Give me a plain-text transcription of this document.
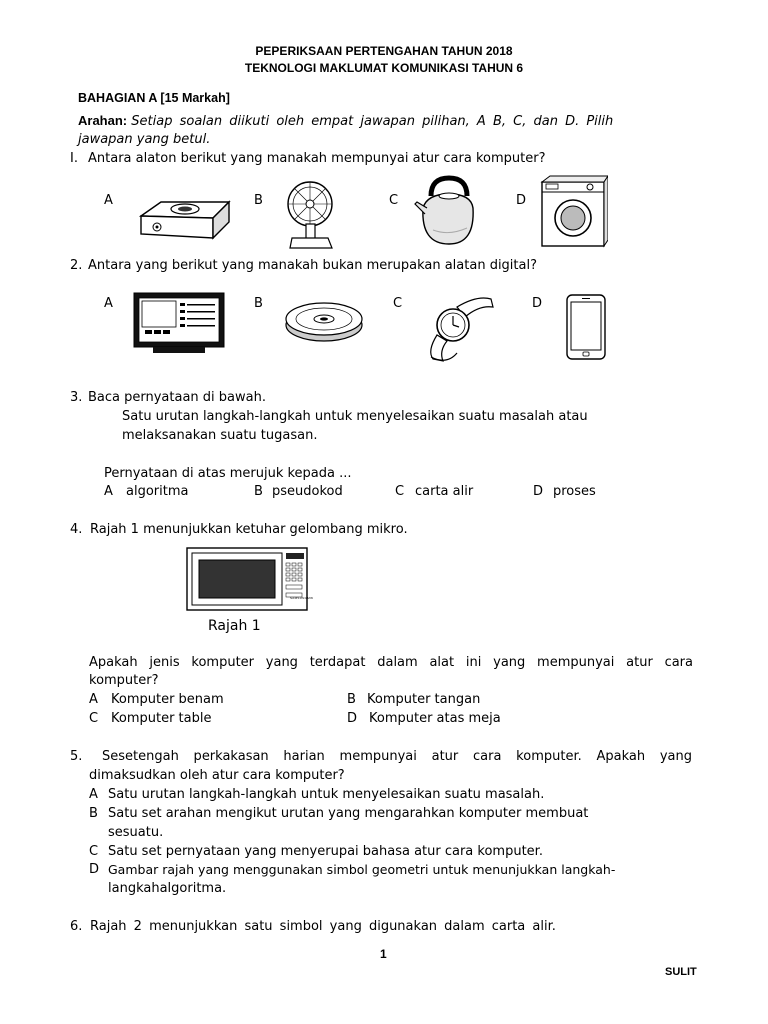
PEPERIKSAAN PERTENGAHAN TAHUN 2018
TEKNOLOGI MAKLUMAT KOMUNIKASI TAHUN 6
BAHAGIAN A [15 Markah]
Arahan: Setiap soalan diikuti oleh empat jawapan pilihan, A B, C, dan D. Pilih
jawapan yang betul.
I. Antara alaton berikut yang manakah mempunyai atur cara komputer?
A	B	C	D
2. Antara yang berikut yang manakah bukan merupakan alatan digital?
A	B	C	D
3. Baca pernyataan di bawah.
Satu urutan langkah-langkah untuk menyelesaikan suatu masalah atau
melaksanakan suatu tugasan.
Pernyataan di atas merujuk kepada ...
A algoritma	B pseudokod	C carta alir	D proses
4. Rajah 1 menunjukkan ketuhar gelombang mikro.
SAMSUNGMW
Rajah 1
Apakah jenis komputer yang terdapat dalam alat ini yang mempunyai atur cara
komputer?
A Komputer benam	B Komputer tangan
C Komputer table	D Komputer atas meja
5. Sesetengah perkakasan harian mempunyai atur cara komputer. Apakah yang
dimaksudkan oleh atur cara komputer?
A Satu urutan langkah-langkah untuk menyelesaikan suatu masalah.
B Satu set arahan mengikut urutan yang mengarahkan komputer membuat
sesuatu.
C Satu set pernyataan yang menyerupai bahasa atur cara komputer.
D Gambar rajah yang menggunakan simbol geometri untuk menunjukkan langkah-
langkahalgoritma.
6. Rajah 2 menunjukkan satu simbol yang digunakan dalam carta alir.
1
SULIT
